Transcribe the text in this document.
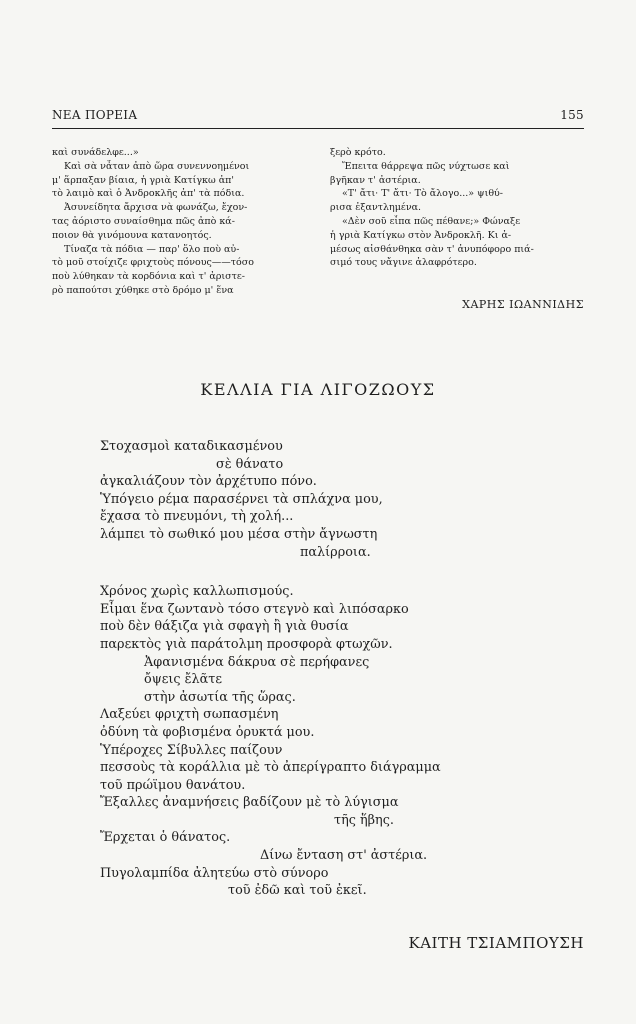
ΝΕΑ ΠΟΡΕΙΑ	155

καὶ συνάδελφε...»

Καὶ σὰ νἆταν ἀπὸ ὥρα συνεννοημένοι

μ' ἅρπαξαν βίαια, ἡ γριὰ Κατίγκω ἀπ'

τὸ λαιμὸ καὶ ὁ Ἀνδροκλῆς ἀπ' τὰ πόδια.

Ἀσυνείδητα ἄρχισα νὰ φωνάζω, ἔχον-

τας ἀόριστο συναίσθημα πῶς ἀπὸ κά-

ποιον θὰ γινόμουνα κατανοητός.

Τίναζα τὰ πόδια — παρ' ὅλο ποὺ αὐ-

τὸ μοῦ στοίχιζε φριχτοὺς πόνους——τόσο

ποὺ λύθηκαν τὰ κορδόνια καὶ τ' ἀριστε-

ρὸ παπούτσι χύθηκε στὸ δρόμο μ' ἕνα

ξερὸ κρότο.

Ἔπειτα θάρρεψα πῶς νύχτωσε καὶ

βγῆκαν τ' ἀστέρια.

«Τ' ἄτι· Τ' ἄτι· Τὸ ἄλογο...» ψιθύ-

ρισα ἐξαντλημένα.

«Δὲν σοῦ εἶπα πῶς πέθανε;» Φώναξε

ἡ γριὰ Κατίγκω στὸν Ἀνδροκλῆ. Κι ἀ-

μέσως αἰσθάνθηκα σὰν τ' ἀνυπόφορο πιά-

σιμό τους νἄγινε ἀλαφρότερο.

ΧΑΡΗΣ ΙΩΑΝΝΙΔΗΣ
ΚΕΛΛΙΑ ΓΙΑ ΛΙΓΟΖΩΟΥΣ
Στοχασμοὶ καταδικασμένου
σὲ θάνατο
ἀγκαλιάζουν τὸν ἀρχέτυπο πόνο.
Ὑπόγειο ρέμα παρασέρνει τὰ σπλάχνα μου,
ἔχασα τὸ πνευμόνι, τὴ χολή...
λάμπει τὸ σωθικό μου μέσα στὴν ἄγνωστη
παλίρροια.
Χρόνος χωρὶς καλλωπισμούς.
Εἶμαι ἕνα ζωντανὸ τόσο στεγνὸ καὶ λιπόσαρκο
ποὺ δὲν θάξιζα γιὰ σφαγὴ ἢ γιὰ θυσία
παρεκτὸς γιὰ παράτολμη προσφορὰ φτωχῶν.
Ἀφανισμένα δάκρυα σὲ περήφανες
ὄψεις ἔλᾶτε
στὴν ἀσωτία τῆς ὥρας.
Λαξεύει φριχτὴ σωπασμένη
ὀδύνη τὰ φοβισμένα ὀρυκτά μου.
Ὑπέροχες Σίβυλλες παίζουν
πεσσοὺς τὰ κοράλλια μὲ τὸ ἀπερίγραπτο διάγραμμα
τοῦ πρώϊμου θανάτου.
Ἔξαλλες ἀναμνήσεις βαδίζουν μὲ τὸ λύγισμα
τῆς ἥβης.
Ἔρχεται ὁ θάνατος.
Δίνω ἔνταση στ' ἀστέρια.
Πυγολαμπίδα ἀλητεύω στὸ σύνορο
τοῦ ἐδῶ καὶ τοῦ ἐκεῖ.
ΚΑΙΤΗ ΤΣΙΑΜΠΟΥΣΗ
